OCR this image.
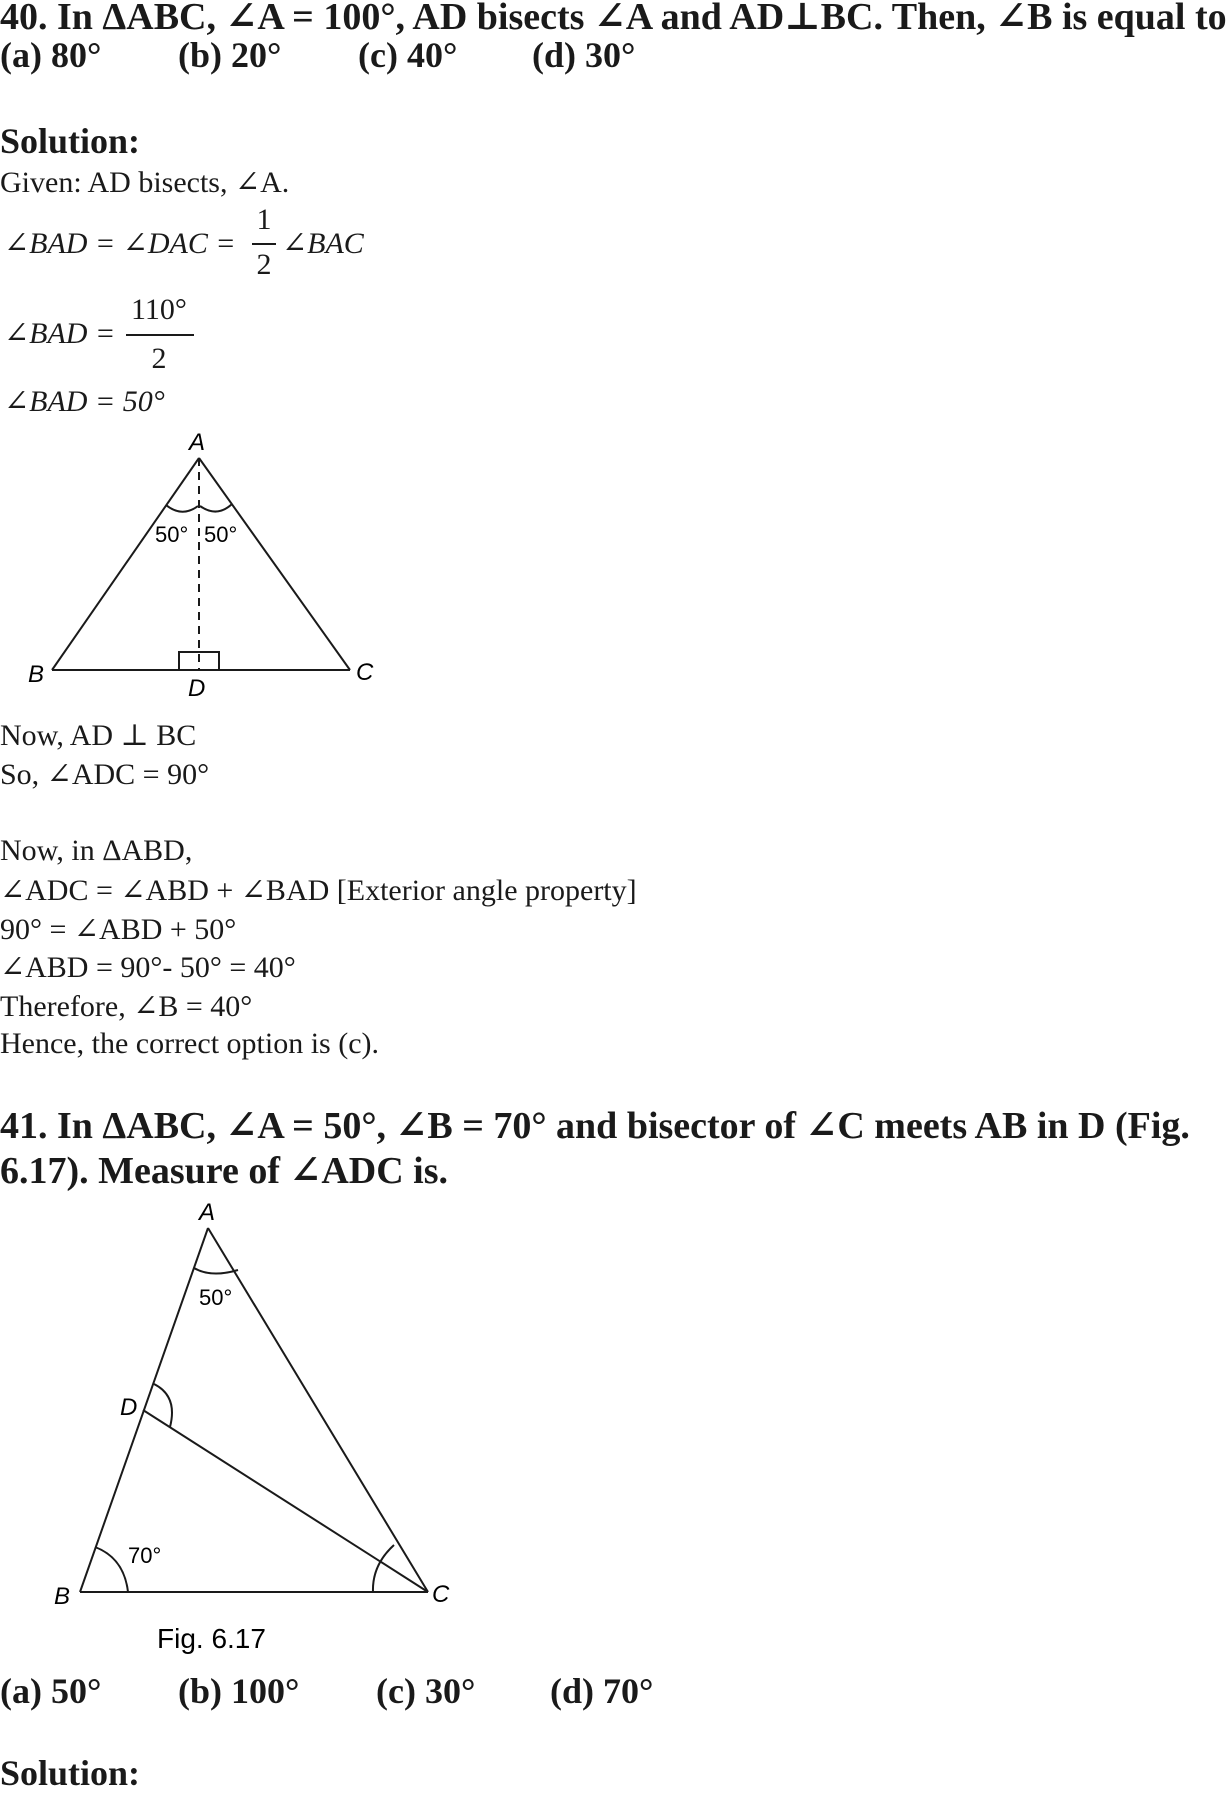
40. In ΔABC, ∠A = 100°, AD bisects ∠A and AD⊥BC. Then, ∠B is equal to
(a) 80° (b) 20° (c) 40° (d) 30°
Solution:
Given: AD bisects, ∠A.
∠BAD = ∠DAC =
1
2
∠BAC
∠BAD =
110°
2
∠BAD = 50°
A
B	C
D
50° 50°
Now, AD ⊥ BC
So, ∠ADC = 90°
Now, in ΔABD,
∠ADC = ∠ABD + ∠BAD [Exterior angle property]
90° = ∠ABD + 50°
∠ABD = 90°- 50° = 40°
Therefore, ∠B = 40°
Hence, the correct option is (c).
41. In ΔABC, ∠A = 50°, ∠B = 70° and bisector of ∠C meets AB in D (Fig.
6.17). Measure of ∠ADC is.
A
D
B	C
50°
70°
Fig. 6.17
(a) 50° (b) 100° (c) 30° (d) 70°
Solution:
